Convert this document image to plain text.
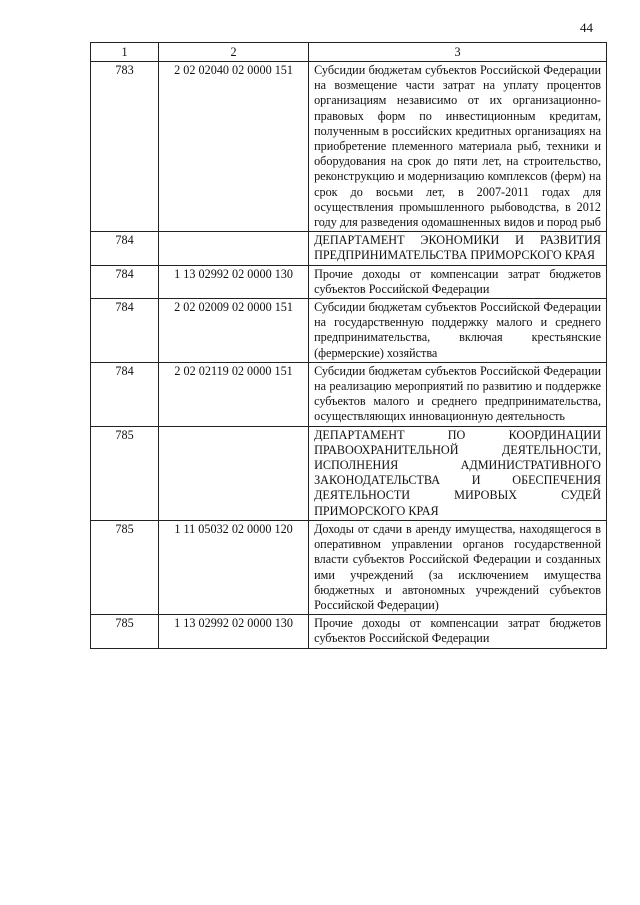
44
1	2	3
783	2 02 02040 02 0000 151	Субсидии бюджетам субъектов Российской Федерации на возмещение части затрат на уплату процентов организациям независимо от их организационно-правовых форм по инвестиционным кредитам, полученным в российских кредитных организациях на приобретение племенного материала рыб, техники и оборудования на срок до пяти лет, на строительство, реконструкцию и модернизацию комплексов (ферм) на срок до восьми лет, в 2007-2011 годах для осуществления промышленного рыбоводства, в 2012 году для разведения одомашненных видов и пород рыб
784		ДЕПАРТАМЕНТ ЭКОНОМИКИ И РАЗВИТИЯ ПРЕДПРИНИМАТЕЛЬСТВА ПРИМОРСКОГО КРАЯ
784	1 13 02992 02 0000 130	Прочие доходы от компенсации затрат бюджетов субъектов Российской Федерации
784	2 02 02009 02 0000 151	Субсидии бюджетам субъектов Российской Федерации на государственную поддержку малого и среднего предпринимательства, включая крестьянские (фермерские) хозяйства
784	2 02 02119 02 0000 151	Субсидии бюджетам субъектов Российской Федерации на реализацию мероприятий по развитию и поддержке субъектов малого и среднего предпринимательства, осуществляющих инновационную деятельность
785		ДЕПАРТАМЕНТ ПО КООРДИНАЦИИ ПРАВООХРАНИТЕЛЬНОЙ ДЕЯТЕЛЬНОСТИ, ИСПОЛНЕНИЯ АДМИНИСТРАТИВНОГО ЗАКОНОДАТЕЛЬСТВА И ОБЕСПЕЧЕНИЯ ДЕЯТЕЛЬНОСТИ МИРОВЫХ СУДЕЙ ПРИМОРСКОГО КРАЯ
785	1 11 05032 02 0000 120	Доходы от сдачи в аренду имущества, находящегося в оперативном управлении органов государственной власти субъектов Российской Федерации и созданных ими учреждений (за исключением имущества бюджетных и автономных учреждений субъектов Российской Федерации)
785	1 13 02992 02 0000 130	Прочие доходы от компенсации затрат бюджетов субъектов Российской Федерации
